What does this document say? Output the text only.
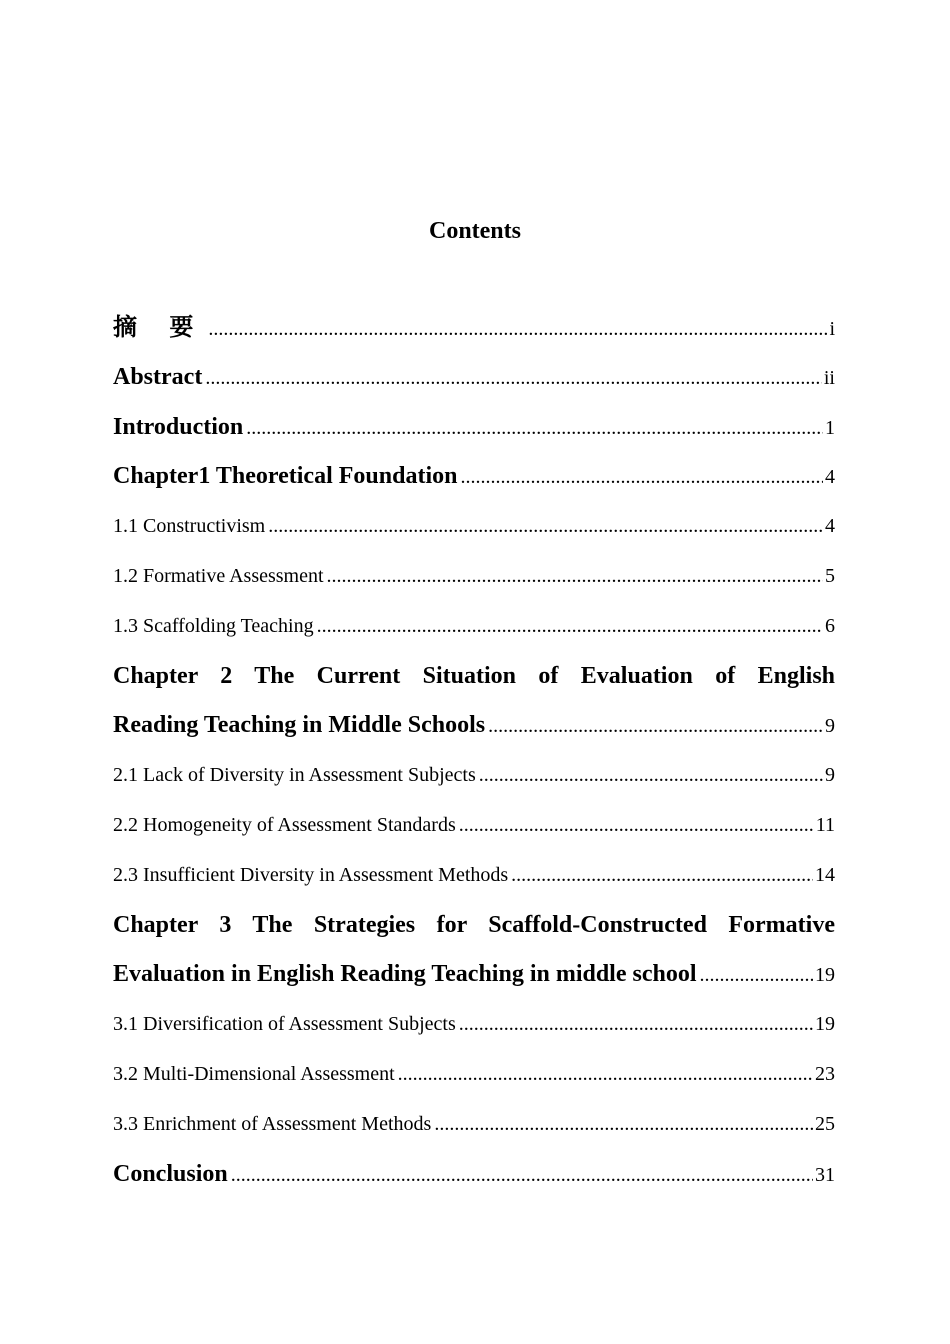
Contents
摘 要 .....	i
Abstract .....	ii
Introduction .....	1
Chapter1 Theoretical Foundation .....	4
1.1 Constructivism .....	4
1.2 Formative Assessment .....	5
1.3 Scaffolding Teaching .....	6
Chapter 2 The Current Situation of Evaluation of English
Reading Teaching in Middle Schools .....	9
2.1 Lack of Diversity in Assessment Subjects .....	9
2.2 Homogeneity of Assessment Standards .....	11
2.3 Insufficient Diversity in Assessment Methods .....	14
Chapter 3 The Strategies for Scaffold-Constructed Formative
Evaluation in English Reading Teaching in middle school .....	19
3.1 Diversification of Assessment Subjects .....	19
3.2 Multi-Dimensional Assessment .....	23
3.3 Enrichment of Assessment Methods .....	25
Conclusion .....	31
